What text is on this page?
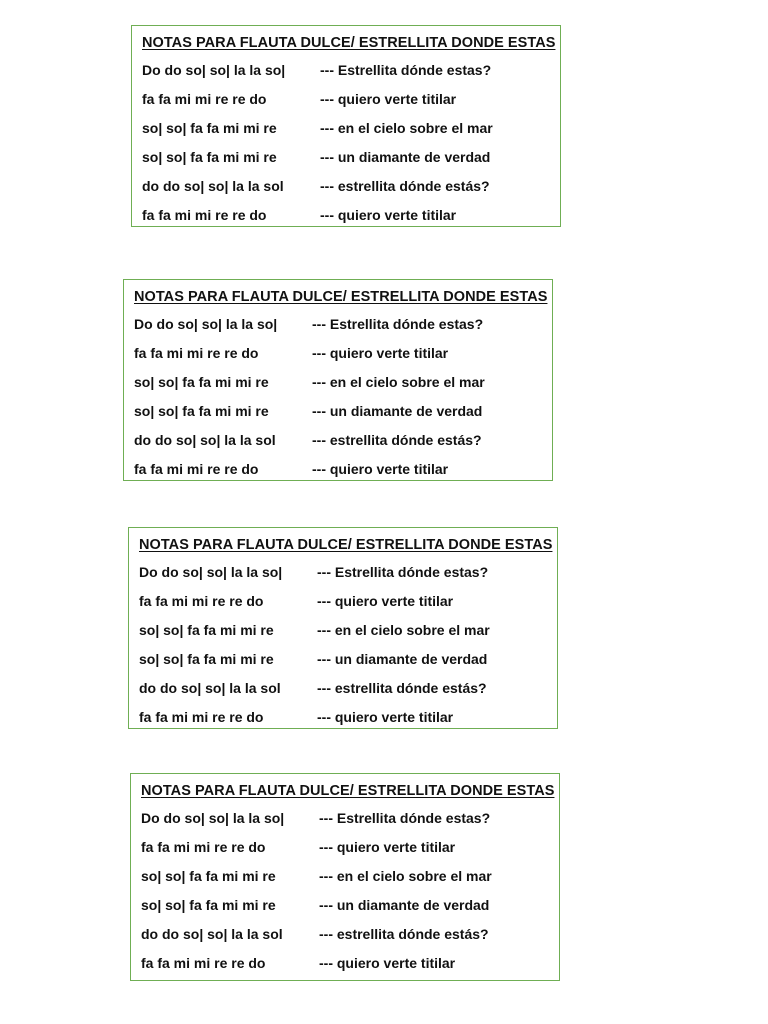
NOTAS PARA FLAUTA DULCE/ ESTRELLITA DONDE ESTAS
Do do so| so| la la so|	--- Estrellita dónde estas?
fa fa mi mi re re do	--- quiero verte titilar
so| so| fa fa mi mi re	--- en el cielo sobre el mar
so| so| fa fa mi mi re	--- un diamante de verdad
do do so| so| la la sol	--- estrellita dónde estás?
fa fa mi mi re re do	--- quiero verte titilar
NOTAS PARA FLAUTA DULCE/ ESTRELLITA DONDE ESTAS
Do do so| so| la la so|	--- Estrellita dónde estas?
fa fa mi mi re re do	--- quiero verte titilar
so| so| fa fa mi mi re	--- en el cielo sobre el mar
so| so| fa fa mi mi re	--- un diamante de verdad
do do so| so| la la sol	--- estrellita dónde estás?
fa fa mi mi re re do	--- quiero verte titilar
NOTAS PARA FLAUTA DULCE/ ESTRELLITA DONDE ESTAS
Do do so| so| la la so|	--- Estrellita dónde estas?
fa fa mi mi re re do	--- quiero verte titilar
so| so| fa fa mi mi re	--- en el cielo sobre el mar
so| so| fa fa mi mi re	--- un diamante de verdad
do do so| so| la la sol	--- estrellita dónde estás?
fa fa mi mi re re do	--- quiero verte titilar
NOTAS PARA FLAUTA DULCE/ ESTRELLITA DONDE ESTAS
Do do so| so| la la so|	--- Estrellita dónde estas?
fa fa mi mi re re do	--- quiero verte titilar
so| so| fa fa mi mi re	--- en el cielo sobre el mar
so| so| fa fa mi mi re	--- un diamante de verdad
do do so| so| la la sol	--- estrellita dónde estás?
fa fa mi mi re re do	--- quiero verte titilar
